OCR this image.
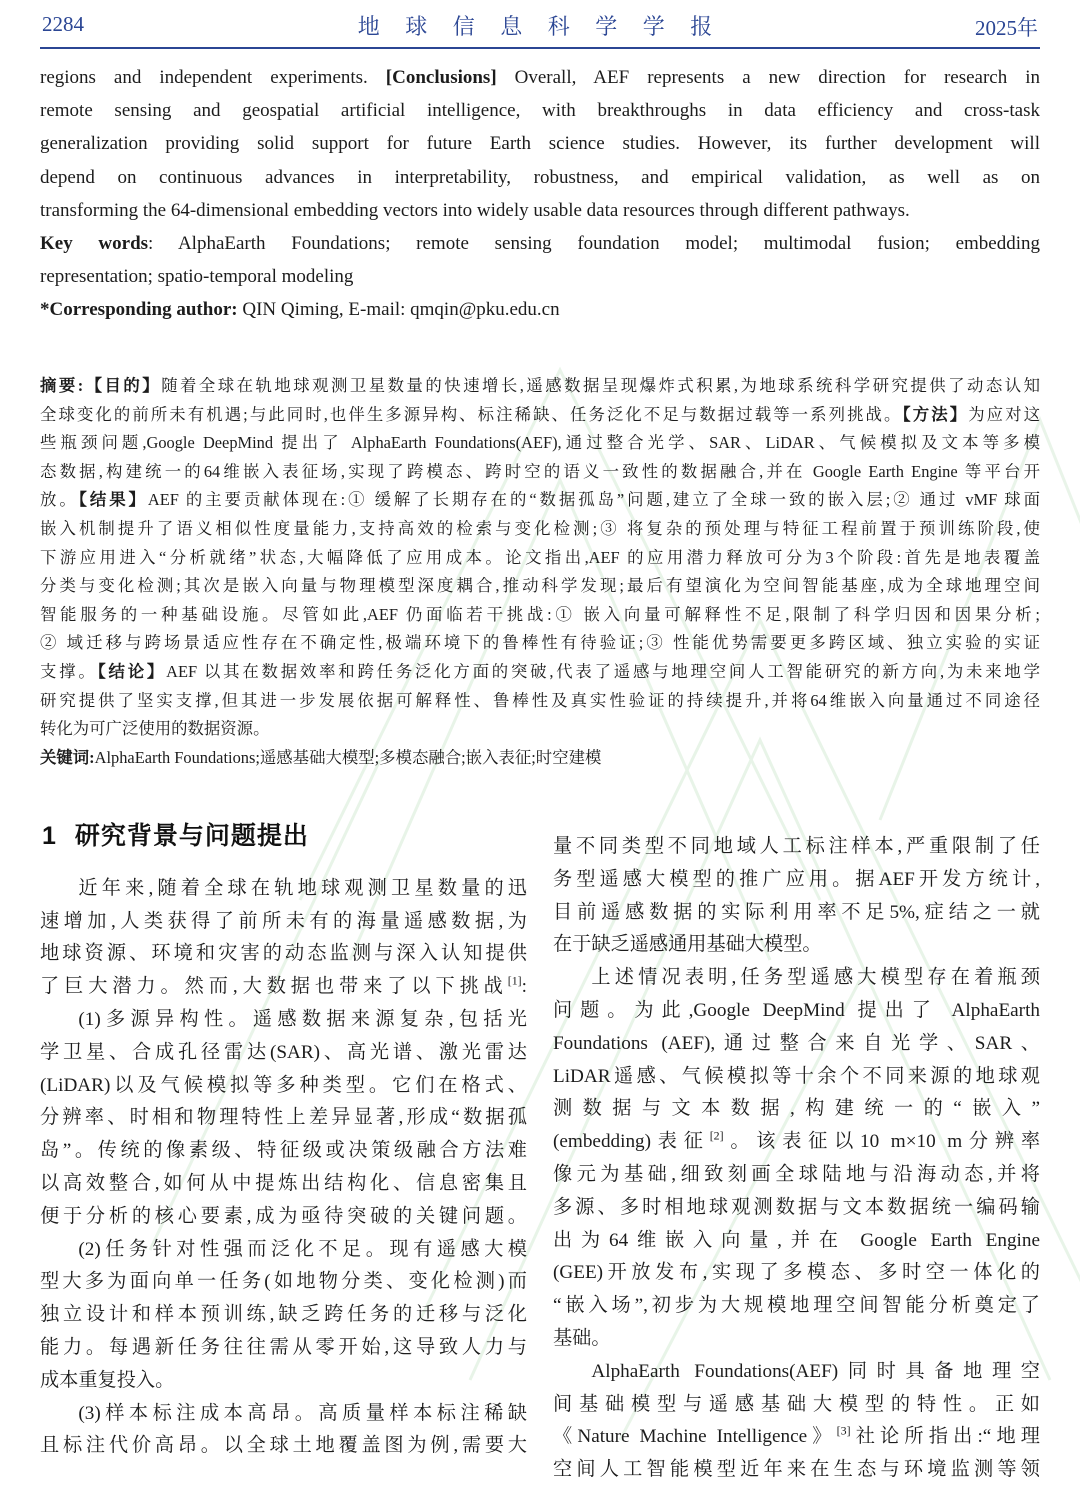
2284	地 球 信 息 科 学 学 报	2025年
regions and independent experiments. [Conclusions] Overall, AEF represents a new direction for research in
remote sensing and geospatial artificial intelligence, with breakthroughs in data efficiency and cross-task
generalization providing solid support for future Earth science studies. However, its further development will
depend on continuous advances in interpretability, robustness, and empirical validation, as well as on
transforming the 64-dimensional embedding vectors into widely usable data resources through different pathways.
Key words: AlphaEarth Foundations; remote sensing foundation model; multimodal fusion; embedding
representation; spatio-temporal modeling
*Corresponding author: QIN Qiming, E-mail: qmqin@pku.edu.cn
摘要:【目的】随着全球在轨地球观测卫星数量的快速增长,遥感数据呈现爆炸式积累,为地球系统科学研究提供了动态认知
全球变化的前所未有机遇;与此同时,也伴生多源异构、标注稀缺、任务泛化不足与数据过载等一系列挑战。【方法】为应对这
些瓶颈问题,Google DeepMind 提出了 AlphaEarth Foundations(AEF),通过整合光学、SAR、LiDAR、气候模拟及文本等多模
态数据,构建统一的64维嵌入表征场,实现了跨模态、跨时空的语义一致性的数据融合,并在 Google Earth Engine 等平台开
放。【结果】AEF 的主要贡献体现在:① 缓解了长期存在的“数据孤岛”问题,建立了全球一致的嵌入层;② 通过 vMF 球面
嵌入机制提升了语义相似性度量能力,支持高效的检索与变化检测;③ 将复杂的预处理与特征工程前置于预训练阶段,使
下游应用进入“分析就绪”状态,大幅降低了应用成本。论文指出,AEF 的应用潜力释放可分为3个阶段:首先是地表覆盖
分类与变化检测;其次是嵌入向量与物理模型深度耦合,推动科学发现;最后有望演化为空间智能基座,成为全球地理空间
智能服务的一种基础设施。尽管如此,AEF 仍面临若干挑战:① 嵌入向量可解释性不足,限制了科学归因和因果分析;
② 域迁移与跨场景适应性存在不确定性,极端环境下的鲁棒性有待验证;③ 性能优势需要更多跨区域、独立实验的实证
支撑。【结论】AEF 以其在数据效率和跨任务泛化方面的突破,代表了遥感与地理空间人工智能研究的新方向,为未来地学
研究提供了坚实支撑,但其进一步发展依据可解释性、鲁棒性及真实性验证的持续提升,并将64维嵌入向量通过不同途径
转化为可广泛使用的数据资源。
关键词:AlphaEarth Foundations;遥感基础大模型;多模态融合;嵌入表征;时空建模
1 研究背景与问题提出
近年来,随着全球在轨地球观测卫星数量的迅
速增加,人类获得了前所未有的海量遥感数据,为
地球资源、环境和灾害的动态监测与深入认知提供
了巨大潜力。然而,大数据也带来了以下挑战[1]:
(1)多源异构性。遥感数据来源复杂,包括光
学卫星、合成孔径雷达(SAR)、高光谱、激光雷达
(LiDAR)以及气候模拟等多种类型。它们在格式、
分辨率、时相和物理特性上差异显著,形成“数据孤
岛”。传统的像素级、特征级或决策级融合方法难
以高效整合,如何从中提炼出结构化、信息密集且
便于分析的核心要素,成为亟待突破的关键问题。
(2)任务针对性强而泛化不足。现有遥感大模
型大多为面向单一任务(如地物分类、变化检测)而
独立设计和样本预训练,缺乏跨任务的迁移与泛化
能力。每遇新任务往往需从零开始,这导致人力与
成本重复投入。
(3)样本标注成本高昂。高质量样本标注稀缺
且标注代价高昂。以全球土地覆盖图为例,需要大
量不同类型不同地域人工标注样本,严重限制了任
务型遥感大模型的推广应用。据AEF开发方统计,
目前遥感数据的实际利用率不足5%,症结之一就
在于缺乏遥感通用基础大模型。
上述情况表明,任务型遥感大模型存在着瓶颈
问题。为此,Google DeepMind 提出了 AlphaEarth
Foundations (AEF),通过整合来自光学、SAR、
LiDAR遥感、气候模拟等十余个不同来源的地球观
测数据与文本数据,构建统一的“嵌入”
(embedding)表征[2]。该表征以10 m×10 m分辨率
像元为基础,细致刻画全球陆地与沿海动态,并将
多源、多时相地球观测数据与文本数据统一编码输
出为64维嵌入向量,并在 Google Earth Engine
(GEE)开放发布,实现了多模态、多时空一体化的
“嵌入场”,初步为大规模地理空间智能分析奠定了
基础。
AlphaEarth Foundations(AEF)同时具备地理空
间基础模型与遥感基础大模型的特性。正如
《Nature Machine Intelligence》[3]社论所指出:“地理
空间人工智能模型近年来在生态与环境监测等领
